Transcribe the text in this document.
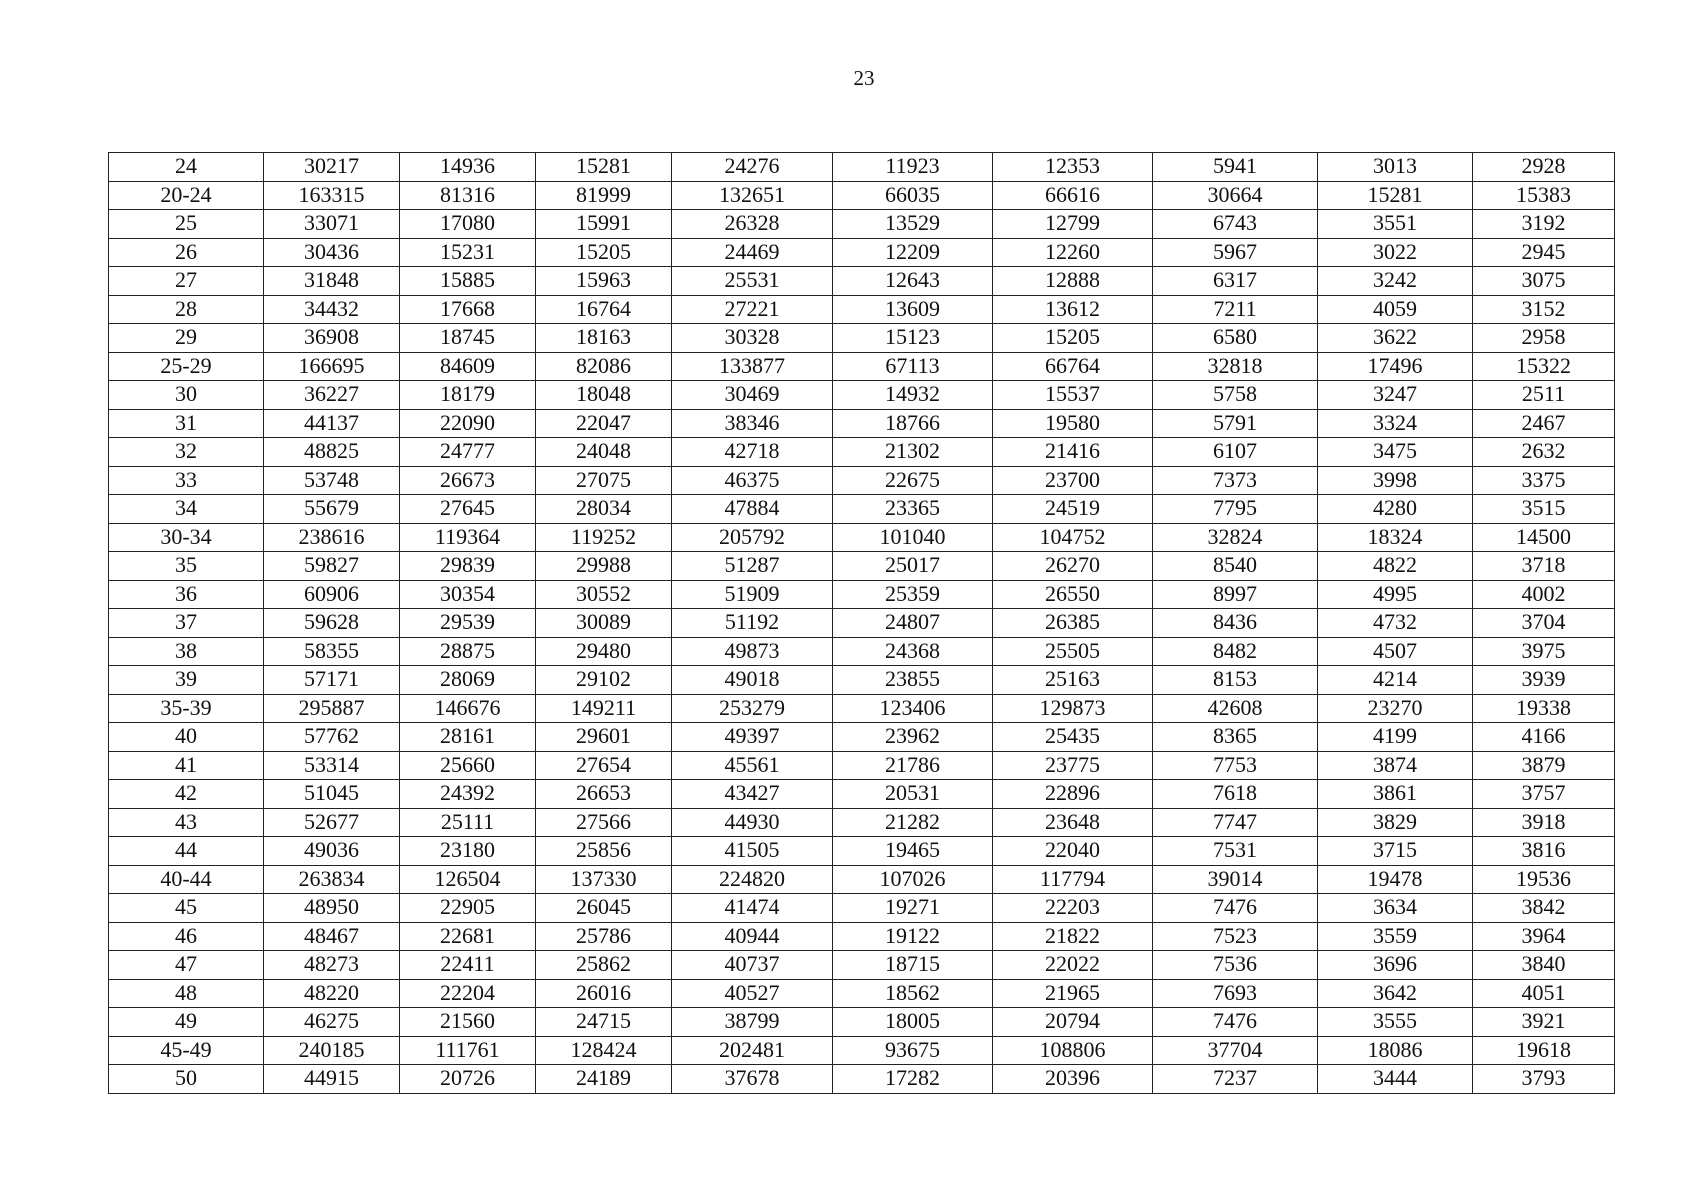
23
24	30217	14936	15281	24276	11923	12353	5941	3013	2928
20-24	163315	81316	81999	132651	66035	66616	30664	15281	15383
25	33071	17080	15991	26328	13529	12799	6743	3551	3192
26	30436	15231	15205	24469	12209	12260	5967	3022	2945
27	31848	15885	15963	25531	12643	12888	6317	3242	3075
28	34432	17668	16764	27221	13609	13612	7211	4059	3152
29	36908	18745	18163	30328	15123	15205	6580	3622	2958
25-29	166695	84609	82086	133877	67113	66764	32818	17496	15322
30	36227	18179	18048	30469	14932	15537	5758	3247	2511
31	44137	22090	22047	38346	18766	19580	5791	3324	2467
32	48825	24777	24048	42718	21302	21416	6107	3475	2632
33	53748	26673	27075	46375	22675	23700	7373	3998	3375
34	55679	27645	28034	47884	23365	24519	7795	4280	3515
30-34	238616	119364	119252	205792	101040	104752	32824	18324	14500
35	59827	29839	29988	51287	25017	26270	8540	4822	3718
36	60906	30354	30552	51909	25359	26550	8997	4995	4002
37	59628	29539	30089	51192	24807	26385	8436	4732	3704
38	58355	28875	29480	49873	24368	25505	8482	4507	3975
39	57171	28069	29102	49018	23855	25163	8153	4214	3939
35-39	295887	146676	149211	253279	123406	129873	42608	23270	19338
40	57762	28161	29601	49397	23962	25435	8365	4199	4166
41	53314	25660	27654	45561	21786	23775	7753	3874	3879
42	51045	24392	26653	43427	20531	22896	7618	3861	3757
43	52677	25111	27566	44930	21282	23648	7747	3829	3918
44	49036	23180	25856	41505	19465	22040	7531	3715	3816
40-44	263834	126504	137330	224820	107026	117794	39014	19478	19536
45	48950	22905	26045	41474	19271	22203	7476	3634	3842
46	48467	22681	25786	40944	19122	21822	7523	3559	3964
47	48273	22411	25862	40737	18715	22022	7536	3696	3840
48	48220	22204	26016	40527	18562	21965	7693	3642	4051
49	46275	21560	24715	38799	18005	20794	7476	3555	3921
45-49	240185	111761	128424	202481	93675	108806	37704	18086	19618
50	44915	20726	24189	37678	17282	20396	7237	3444	3793
